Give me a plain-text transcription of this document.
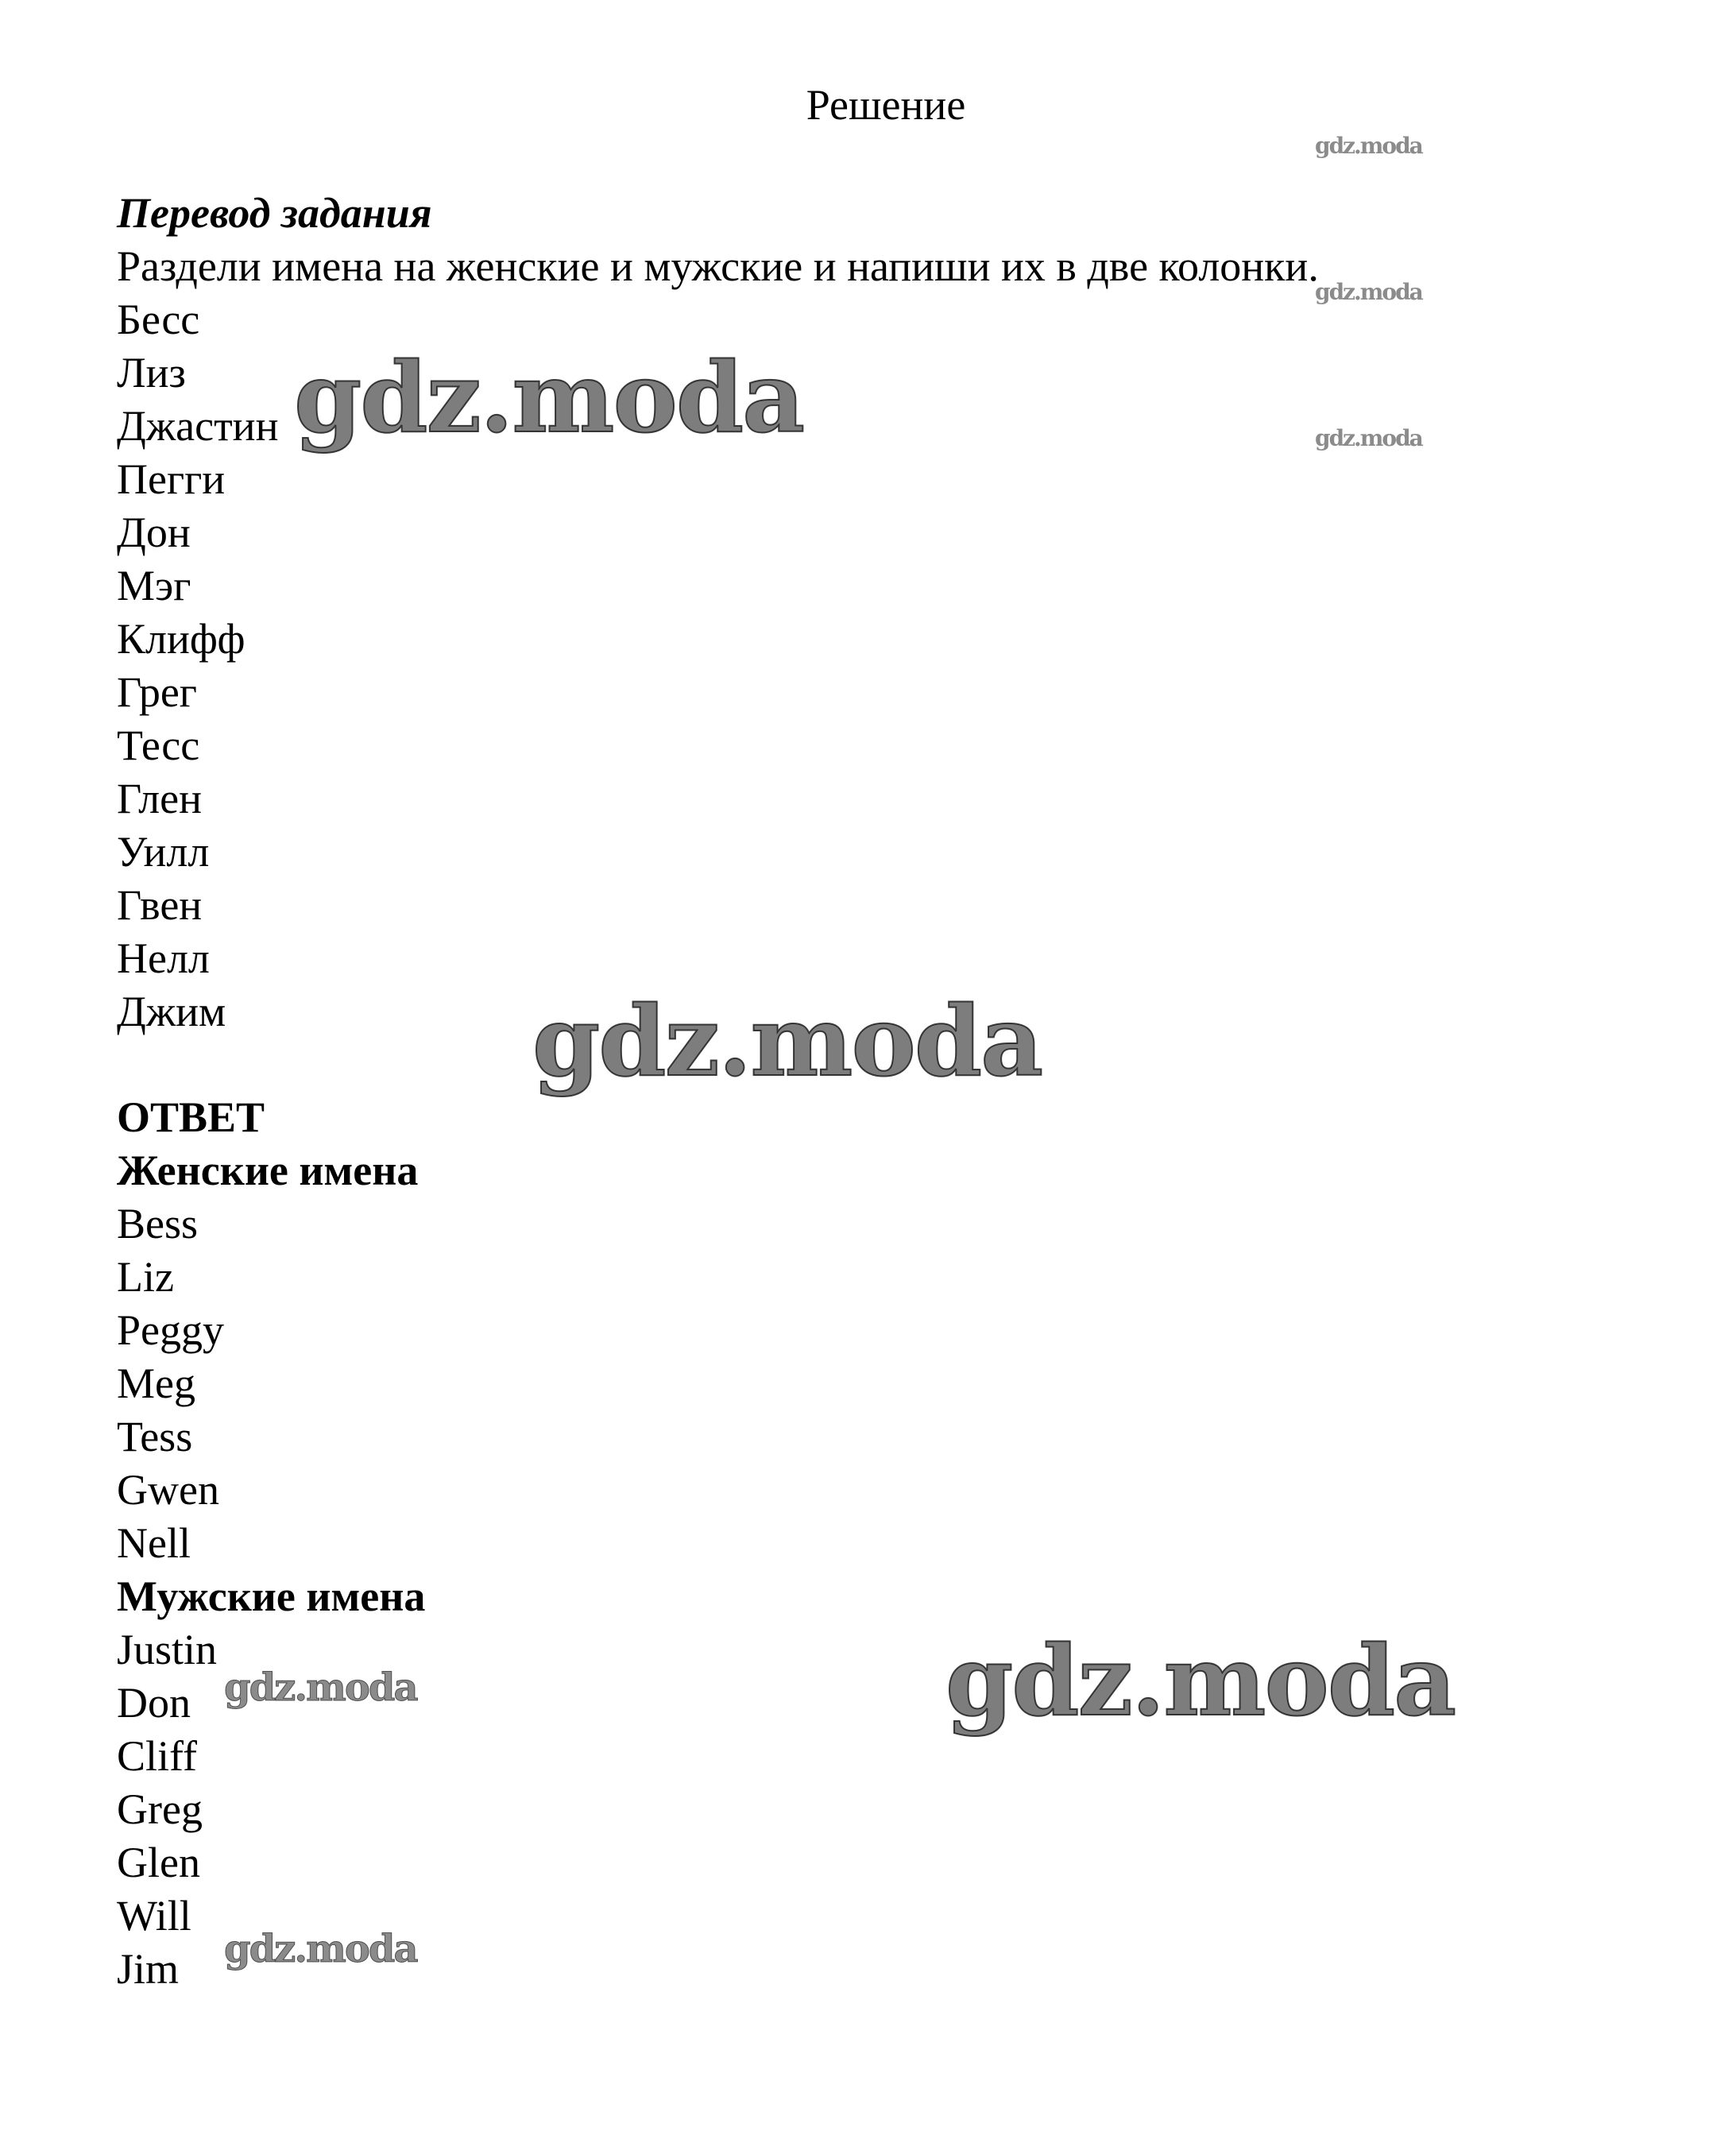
Решение
Перевод задания
Раздели имена на женские и мужские и напиши их в две колонки.
Бесс
Лиз
Джастин
Пегги
Дон
Мэг
Клифф
Грег
Тесс
Глен
Уилл
Гвен
Нелл
Джим
ОТВЕТ
Женские имена
Bess
Liz
Peggy
Meg
Tess
Gwen
Nell
Мужские имена
Justin
Don
Cliff
Greg
Glen
Will
Jim
gdz.moda
gdz.moda
gdz.moda
gdz.moda
gdz.moda
gdz.moda
gdz.moda
gdz.moda
